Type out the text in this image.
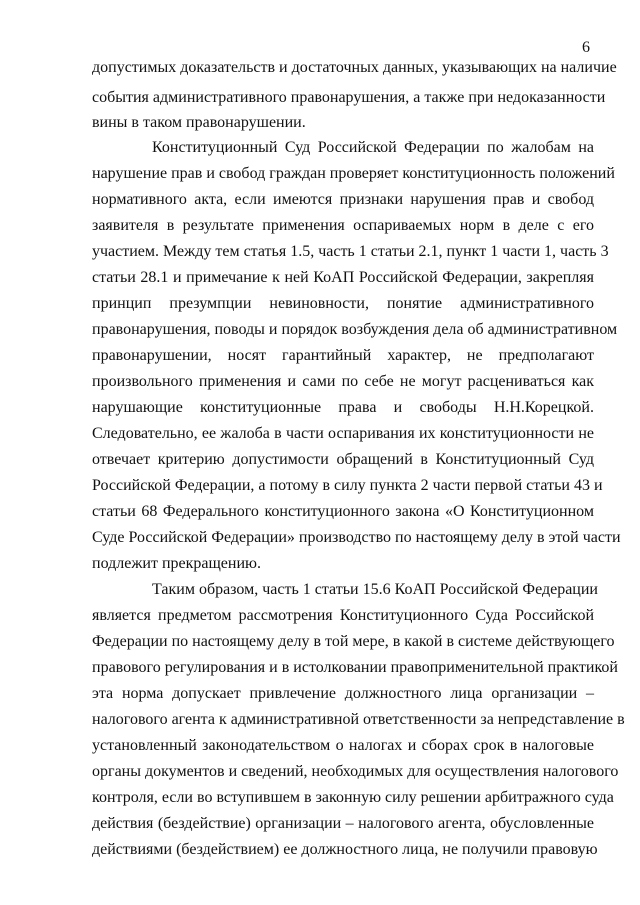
6
допустимых доказательств и достаточных данных, указывающих на наличие
события административного правонарушения, а также при недоказанности
вины в таком правонарушении.
Конституционный Суд Российской Федерации по жалобам на
нарушение прав и свобод граждан проверяет конституционность положений
нормативного акта, если имеются признаки нарушения прав и свобод
заявителя в результате применения оспариваемых норм в деле с его
участием. Между тем статья 1.5, часть 1 статьи 2.1, пункт 1 части 1, часть 3
статьи 28.1 и примечание к ней КоАП Российской Федерации, закрепляя
принцип презумпции невиновности, понятие административного
правонарушения, поводы и порядок возбуждения дела об административном
правонарушении, носят гарантийный характер, не предполагают
произвольного применения и сами по себе не могут расцениваться как
нарушающие конституционные права и свободы Н.Н.Корецкой.
Следовательно, ее жалоба в части оспаривания их конституционности не
отвечает критерию допустимости обращений в Конституционный Суд
Российской Федерации, а потому в силу пункта 2 части первой статьи 43 и
статьи 68 Федерального конституционного закона «О Конституционном
Суде Российской Федерации» производство по настоящему делу в этой части
подлежит прекращению.
Таким образом, часть 1 статьи 15.6 КоАП Российской Федерации
является предметом рассмотрения Конституционного Суда Российской
Федерации по настоящему делу в той мере, в какой в системе действующего
правового регулирования и в истолковании правоприменительной практикой
эта норма допускает привлечение должностного лица организации –
налогового агента к административной ответственности за непредставление в
установленный законодательством о налогах и сборах срок в налоговые
органы документов и сведений, необходимых для осуществления налогового
контроля, если во вступившем в законную силу решении арбитражного суда
действия (бездействие) организации – налогового агента, обусловленные
действиями (бездействием) ее должностного лица, не получили правовую
